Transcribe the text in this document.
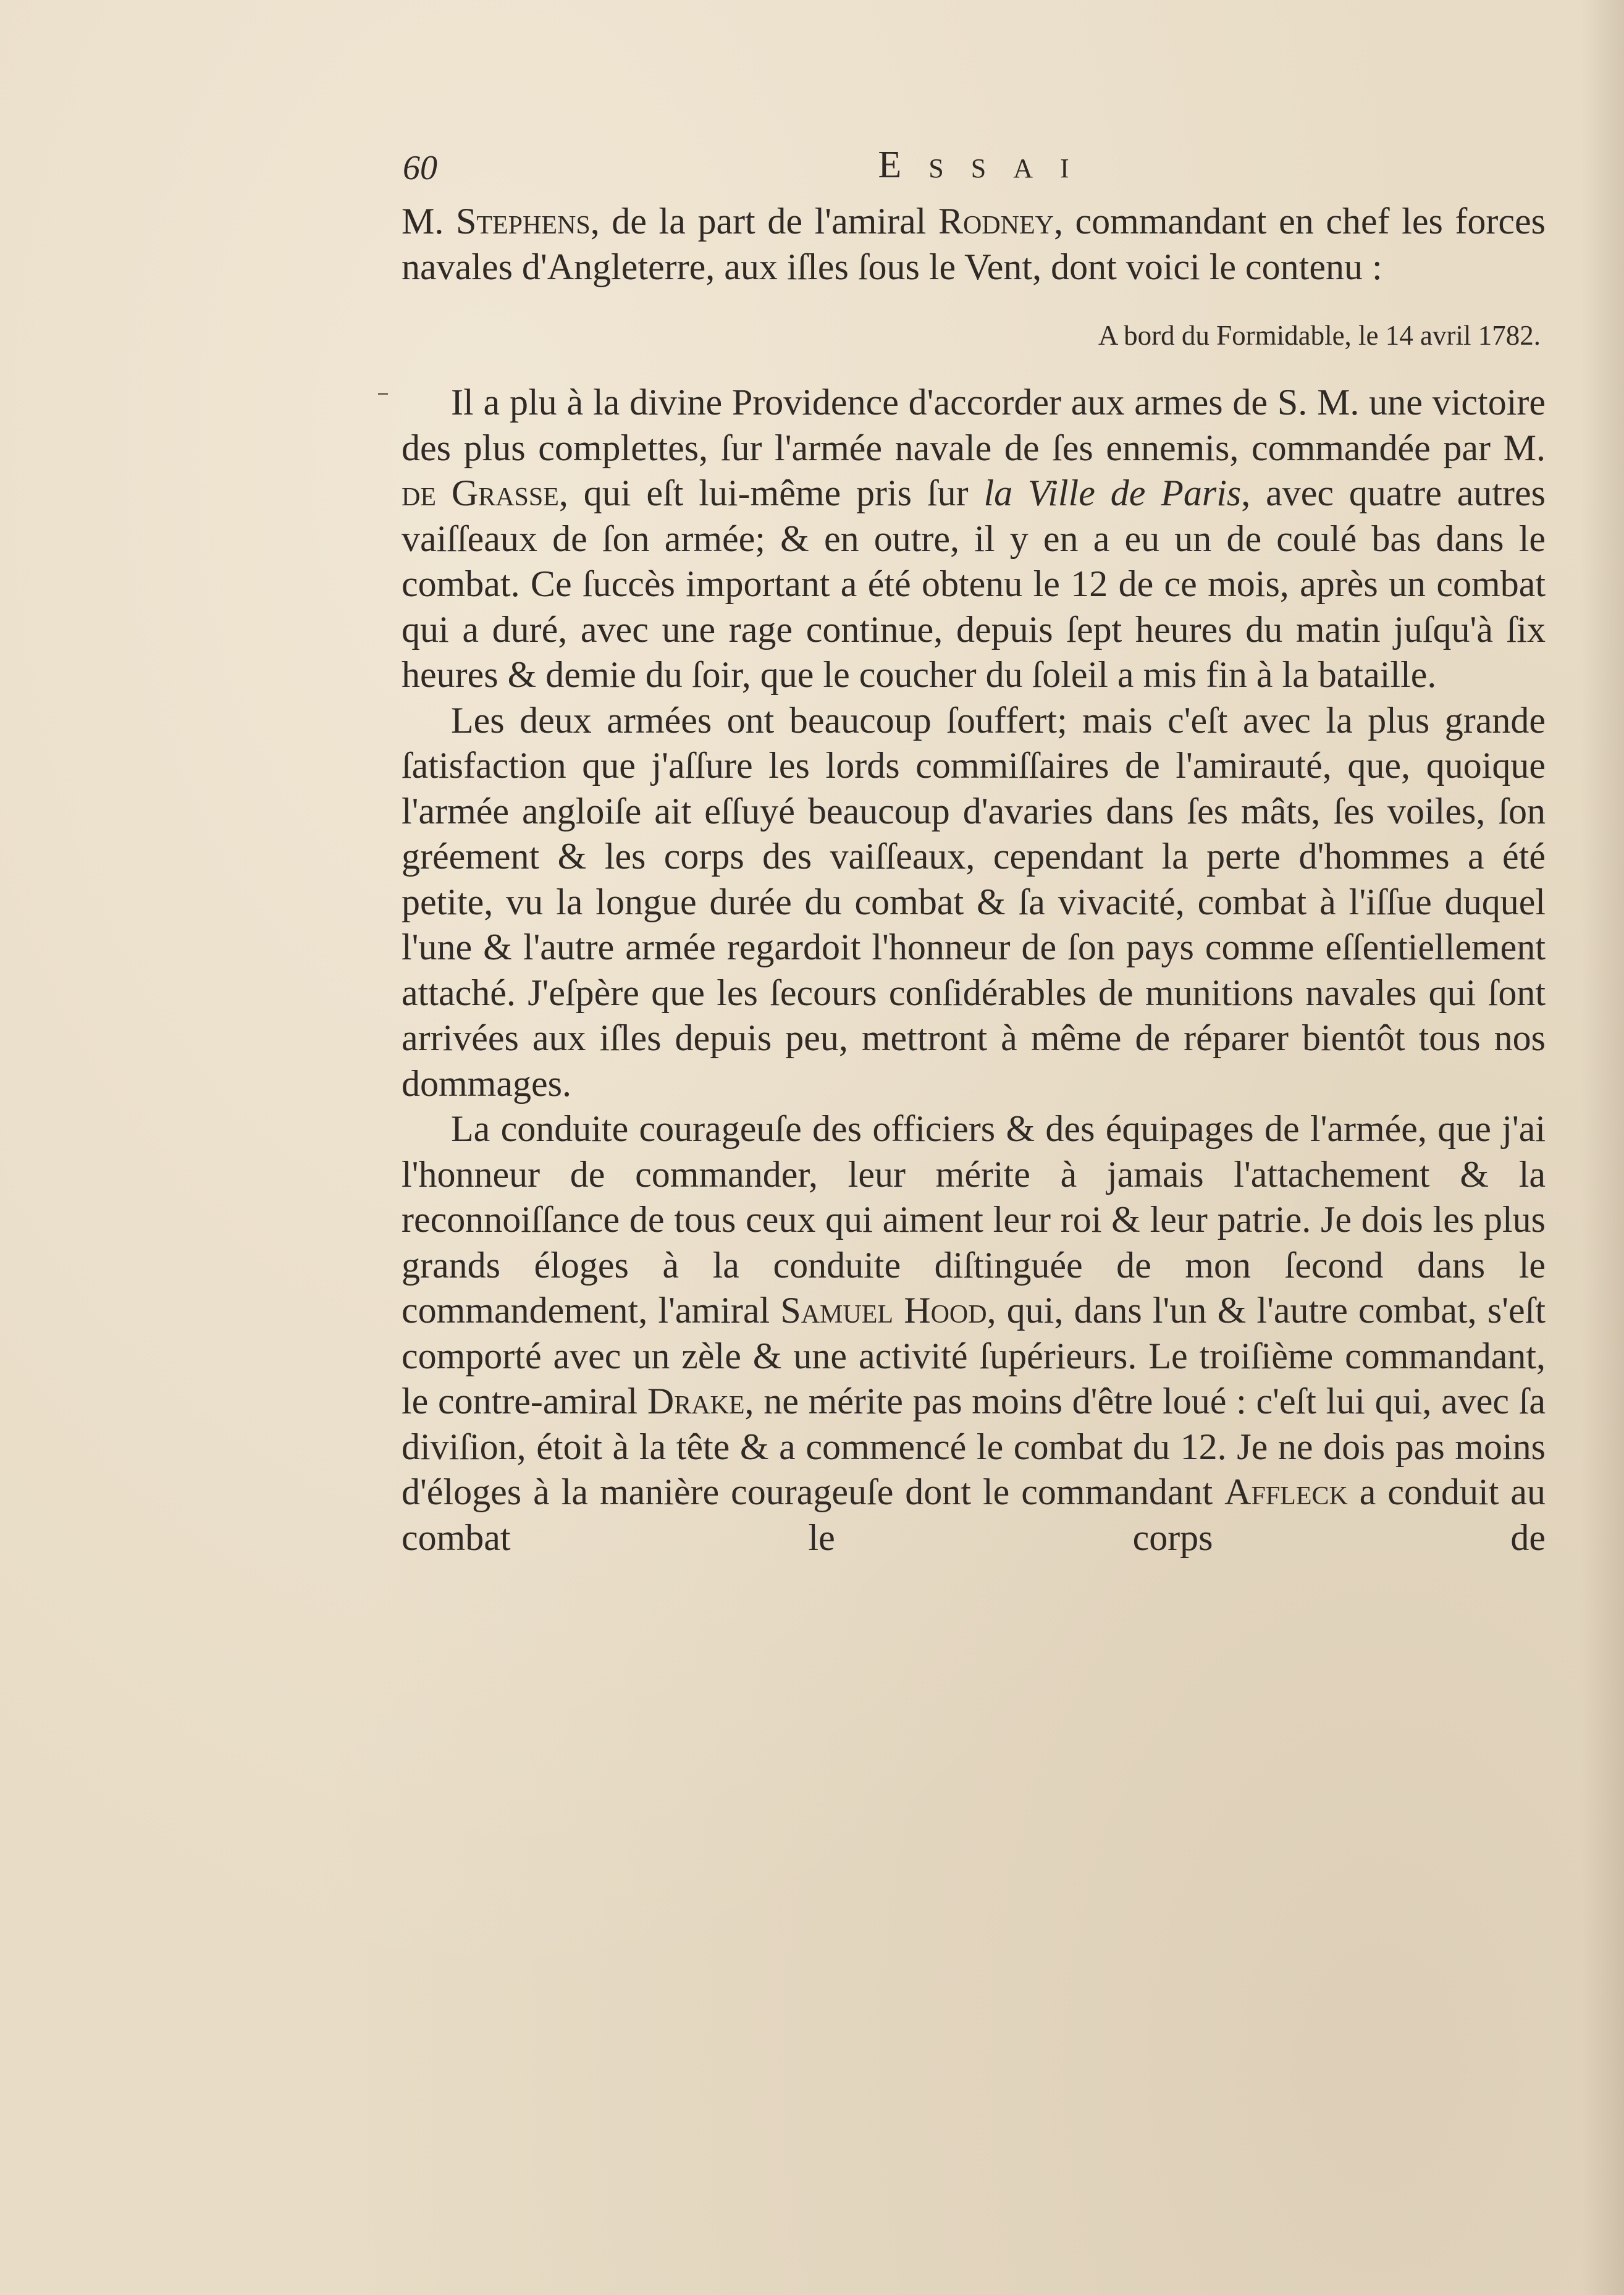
60	ESSAI

M. Stephens, de la part de l'amiral Rodney, commandant en chef les forces navales d'Angleterre, aux iſles ſous le Vent, dont voici le contenu :

A bord du Formidable, le 14 avril 1782.

Il a plu à la divine Providence d'accorder aux armes de S. M. une victoire des plus complettes, ſur l'armée navale de ſes ennemis, commandée par M. de Grasse, qui eſt lui-même pris ſur la Ville de Paris, avec quatre autres vaiſſeaux de ſon armée; & en outre, il y en a eu un de coulé bas dans le combat. Ce ſuccès important a été obtenu le 12 de ce mois, après un combat qui a duré, avec une rage continue, depuis ſept heures du matin juſqu'à ſix heures & demie du ſoir, que le coucher du ſoleil a mis fin à la bataille.

Les deux armées ont beaucoup ſouffert; mais c'eſt avec la plus grande ſatisfaction que j'aſſure les lords commiſſaires de l'amirauté, que, quoique l'armée angloiſe ait eſſuyé beaucoup d'avaries dans ſes mâts, ſes voiles, ſon gréement & les corps des vaiſſeaux, cependant la perte d'hommes a été petite, vu la longue durée du combat & ſa vivacité, combat à l'iſſue duquel l'une & l'autre armée regardoit l'honneur de ſon pays comme eſſentiellement attaché. J'eſpère que les ſecours conſidérables de munitions navales qui ſont arrivées aux iſles depuis peu, mettront à même de réparer bientôt tous nos dommages.

La conduite courageuſe des officiers & des équipages de l'armée, que j'ai l'honneur de commander, leur mérite à jamais l'attachement & la reconnoiſſance de tous ceux qui aiment leur roi & leur patrie. Je dois les plus grands éloges à la conduite diſtinguée de mon ſecond dans le commandement, l'amiral Samuel Hood, qui, dans l'un & l'autre combat, s'eſt comporté avec un zèle & une activité ſupérieurs. Le troiſième commandant, le contre-amiral Drake, ne mérite pas moins d'être loué : c'eſt lui qui, avec ſa diviſion, étoit à la tête & a commencé le combat du 12. Je ne dois pas moins d'éloges à la manière courageuſe dont le commandant Affleck a conduit au combat le corps de
